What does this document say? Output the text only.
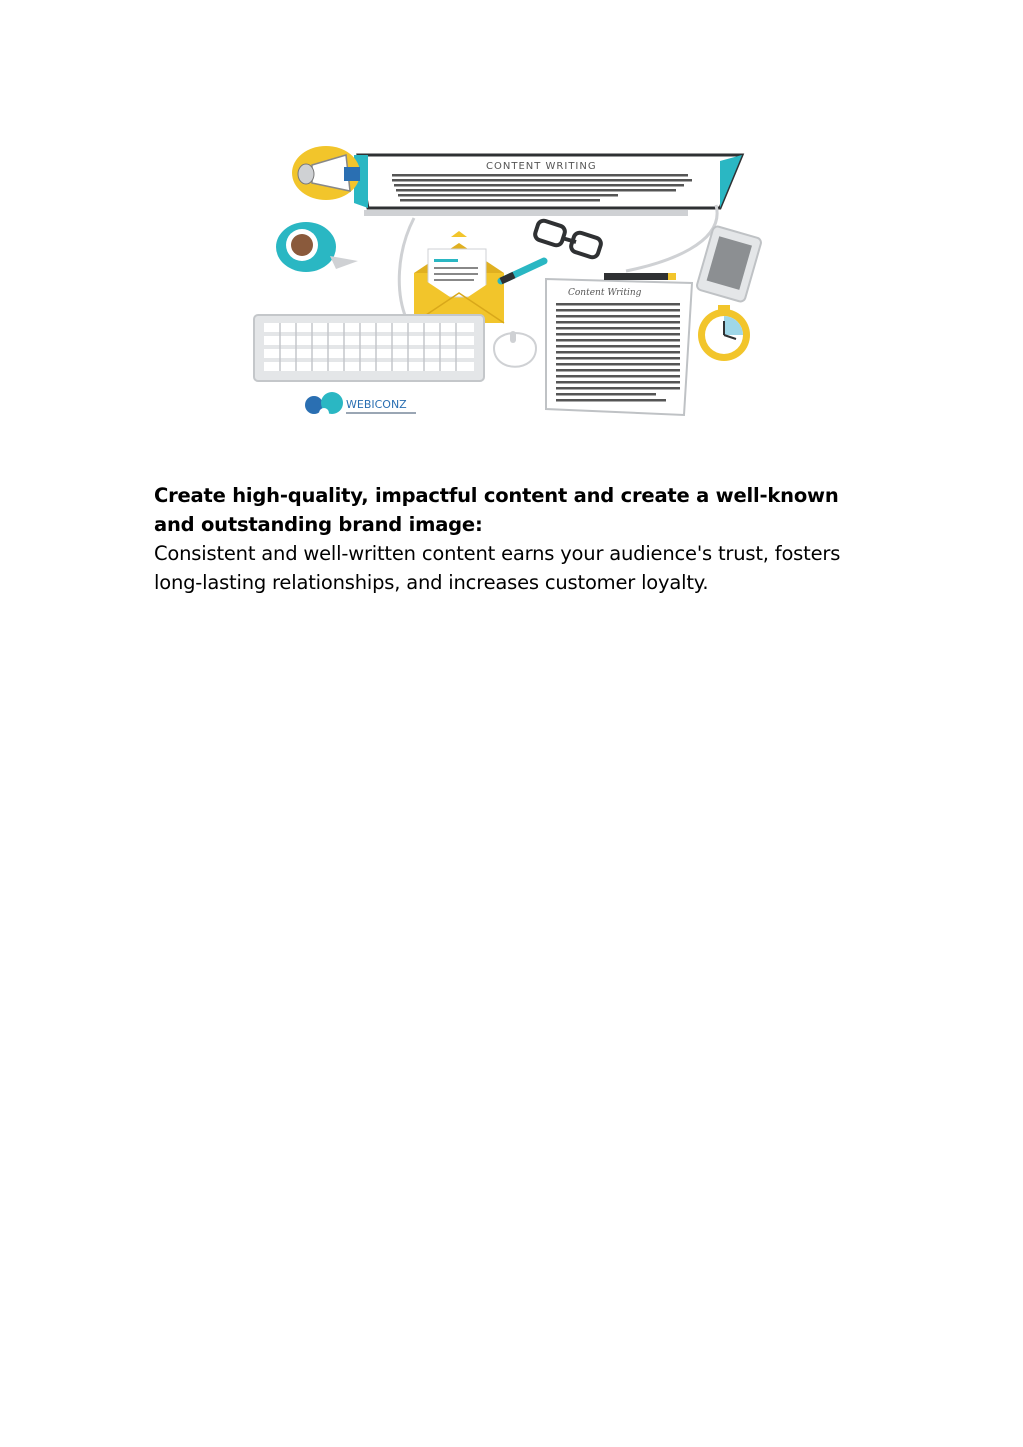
CONTENT WRITING
Content Writing
WEBICONZ

Create high-quality, impactful content and create a well-known and outstanding brand image:

Consistent and well-written content earns your audience's trust, fosters long-lasting relationships, and increases customer loyalty.
